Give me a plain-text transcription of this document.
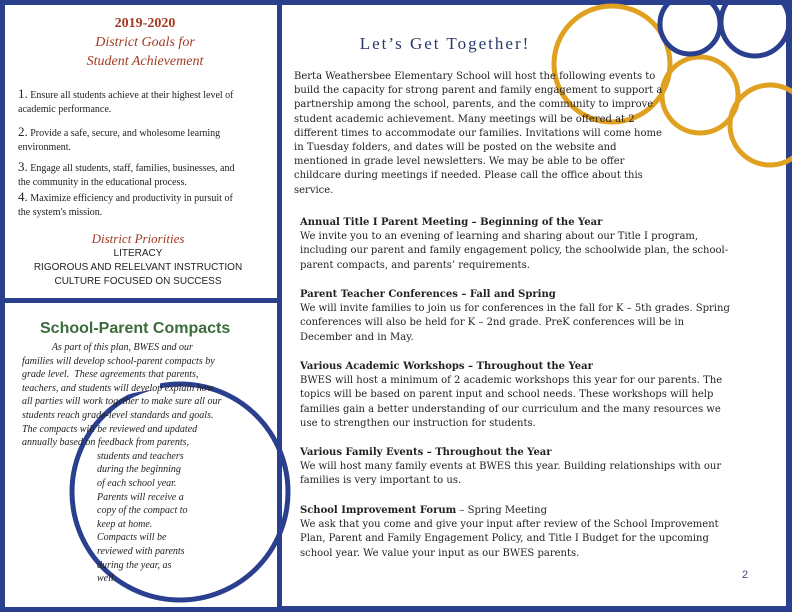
2019-2020
District Goals for
Student Achievement
1. Ensure all students achieve at their highest level of
academic performance.
2. Provide a safe, secure, and wholesome learning
environment.
3. Engage all students, staff, families, businesses, and
the community in the educational process.
4. Maximize efficiency and productivity in pursuit of
the system's mission.
District Priorities
LITERACY
RIGOROUS AND RELELVANT INSTRUCTION
CULTURE FOCUSED ON SUCCESS
School-Parent Compacts
As part of this plan, BWES and our
families will develop school-parent compacts by
grade level.  These agreements that parents,
teachers, and students will develop explain how
all parties will work together to make sure all our
students reach grade-level standards and goals.
The compacts will be reviewed and updated
annually based on feedback from parents,
students and teachers
during the beginning
of each school year.
Parents will receive a
copy of the compact to
keep at home.
Compacts will be
reviewed with parents
during the year, as
well.
Let’s Get Together!
Berta Weathersbee Elementary School will host the following events to
build the capacity for strong parent and family engagement to support a
partnership among the school, parents, and the community to improve
student academic achievement. Many meetings will be offered at 2
different times to accommodate our families. Invitations will come home
in Tuesday folders, and dates will be posted on the website and
mentioned in grade level newsletters. We may be able to be offer
childcare during meetings if needed. Please call the office about this
service.
Annual Title I Parent Meeting – Beginning of the Year
We invite you to an evening of learning and sharing about our Title I program,
including our parent and family engagement policy, the schoolwide plan, the school-
parent compacts, and parents’ requirements.
Parent Teacher Conferences – Fall and Spring
We will invite families to join us for conferences in the fall for K – 5th grades. Spring
conferences will also be held for K – 2nd grade. PreK conferences will be in
December and in May.
Various Academic Workshops – Throughout the Year
BWES will host a minimum of 2 academic workshops this year for our parents. The
topics will be based on parent input and school needs. These workshops will help
families gain a better understanding of our curriculum and the many resources we
use to strengthen our instruction for students.
Various Family Events – Throughout the Year
We will host many family events at BWES this year. Building relationships with our
families is very important to us.
School Improvement Forum – Spring Meeting
We ask that you come and give your input after review of the School Improvement
Plan, Parent and Family Engagement Policy, and Title I Budget for the upcoming
school year. We value your input as our BWES parents.
2
